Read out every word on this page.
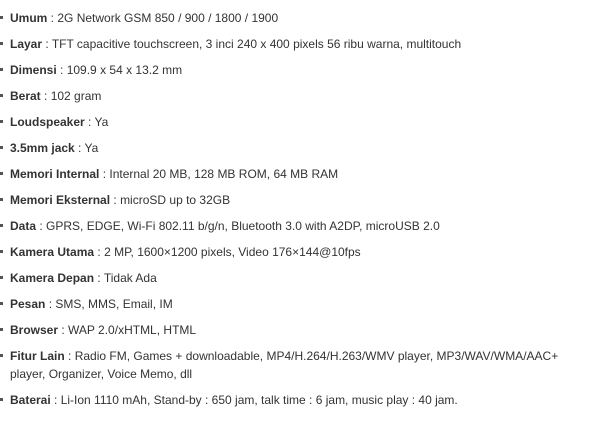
Umum : 2G Network GSM 850 / 900 / 1800 / 1900
Layar : TFT capacitive touchscreen, 3 inci 240 x 400 pixels 56 ribu warna, multitouch
Dimensi : 109.9 x 54 x 13.2 mm
Berat : 102 gram
Loudspeaker : Ya
3.5mm jack : Ya
Memori Internal : Internal 20 MB, 128 MB ROM, 64 MB RAM
Memori Eksternal : microSD up to 32GB
Data : GPRS, EDGE, Wi-Fi 802.11 b/g/n, Bluetooth 3.0 with A2DP, microUSB 2.0
Kamera Utama : 2 MP, 1600×1200 pixels, Video 176×144@10fps
Kamera Depan : Tidak Ada
Pesan : SMS, MMS, Email, IM
Browser : WAP 2.0/xHTML, HTML
Fitur Lain : Radio FM, Games + downloadable, MP4/H.264/H.263/WMV player, MP3/WAV/WMA/AAC+ player, Organizer, Voice Memo, dll
Baterai : Li-Ion 1110 mAh, Stand-by : 650 jam, talk time : 6 jam, music play : 40 jam.
